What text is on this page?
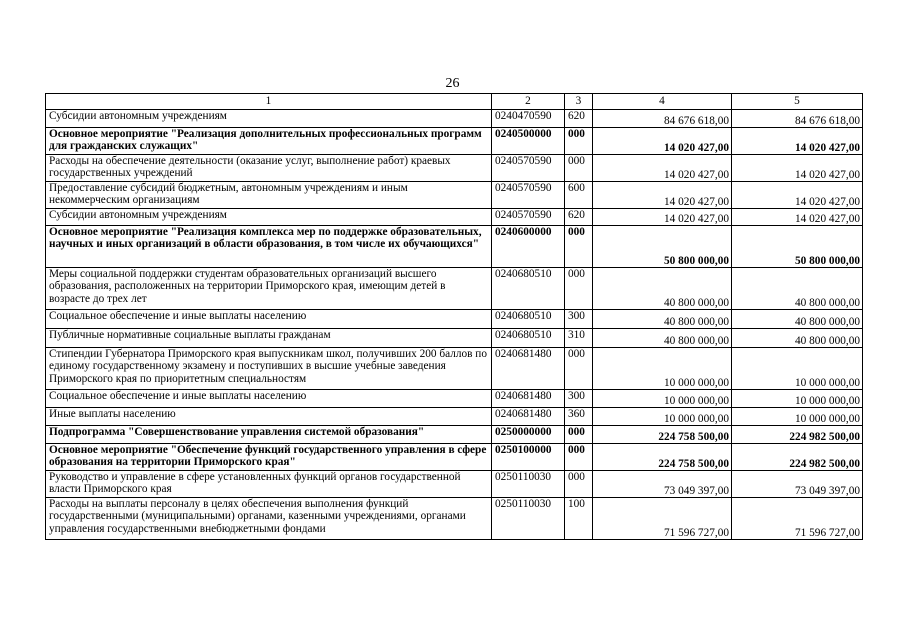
26
1	2	3	4	5
Субсидии автономным учреждениям	0240470590	620	84 676 618,00	84 676 618,00
Основное мероприятие "Реализация дополнительных профессиональных программ для гражданских служащих"	0240500000	000	14 020 427,00	14 020 427,00
Расходы на обеспечение деятельности (оказание услуг, выполнение работ) краевых государственных учреждений	0240570590	000	14 020 427,00	14 020 427,00
Предоставление субсидий бюджетным, автономным учреждениям и иным некоммерческим организациям	0240570590	600	14 020 427,00	14 020 427,00
Субсидии автономным учреждениям	0240570590	620	14 020 427,00	14 020 427,00
Основное мероприятие "Реализация комплекса мер по поддержке образовательных, научных и иных организаций в области образования, в том числе их обучающихся"	0240600000	000	50 800 000,00	50 800 000,00
Меры социальной поддержки студентам образовательных организаций высшего образования, расположенных на территории Приморского края, имеющим детей в возрасте до трех лет	0240680510	000	40 800 000,00	40 800 000,00
Социальное обеспечение и иные выплаты населению	0240680510	300	40 800 000,00	40 800 000,00
Публичные нормативные социальные выплаты гражданам	0240680510	310	40 800 000,00	40 800 000,00
Стипендии Губернатора Приморского края выпускникам школ, получивших 200 баллов по единому государственному экзамену и поступивших в высшие учебные заведения Приморского края по приоритетным специальностям	0240681480	000	10 000 000,00	10 000 000,00
Социальное обеспечение и иные выплаты населению	0240681480	300	10 000 000,00	10 000 000,00
Иные выплаты населению	0240681480	360	10 000 000,00	10 000 000,00
Подпрограмма "Совершенствование управления системой образования"	0250000000	000	224 758 500,00	224 982 500,00
Основное мероприятие "Обеспечение функций государственного управления в сфере образования на территории Приморского края"	0250100000	000	224 758 500,00	224 982 500,00
Руководство и управление в сфере установленных функций органов государственной власти Приморского края	0250110030	000	73 049 397,00	73 049 397,00
Расходы на выплаты персоналу в целях обеспечения выполнения функций государственными (муниципальными) органами, казенными учреждениями, органами управления государственными внебюджетными фондами	0250110030	100	71 596 727,00	71 596 727,00
